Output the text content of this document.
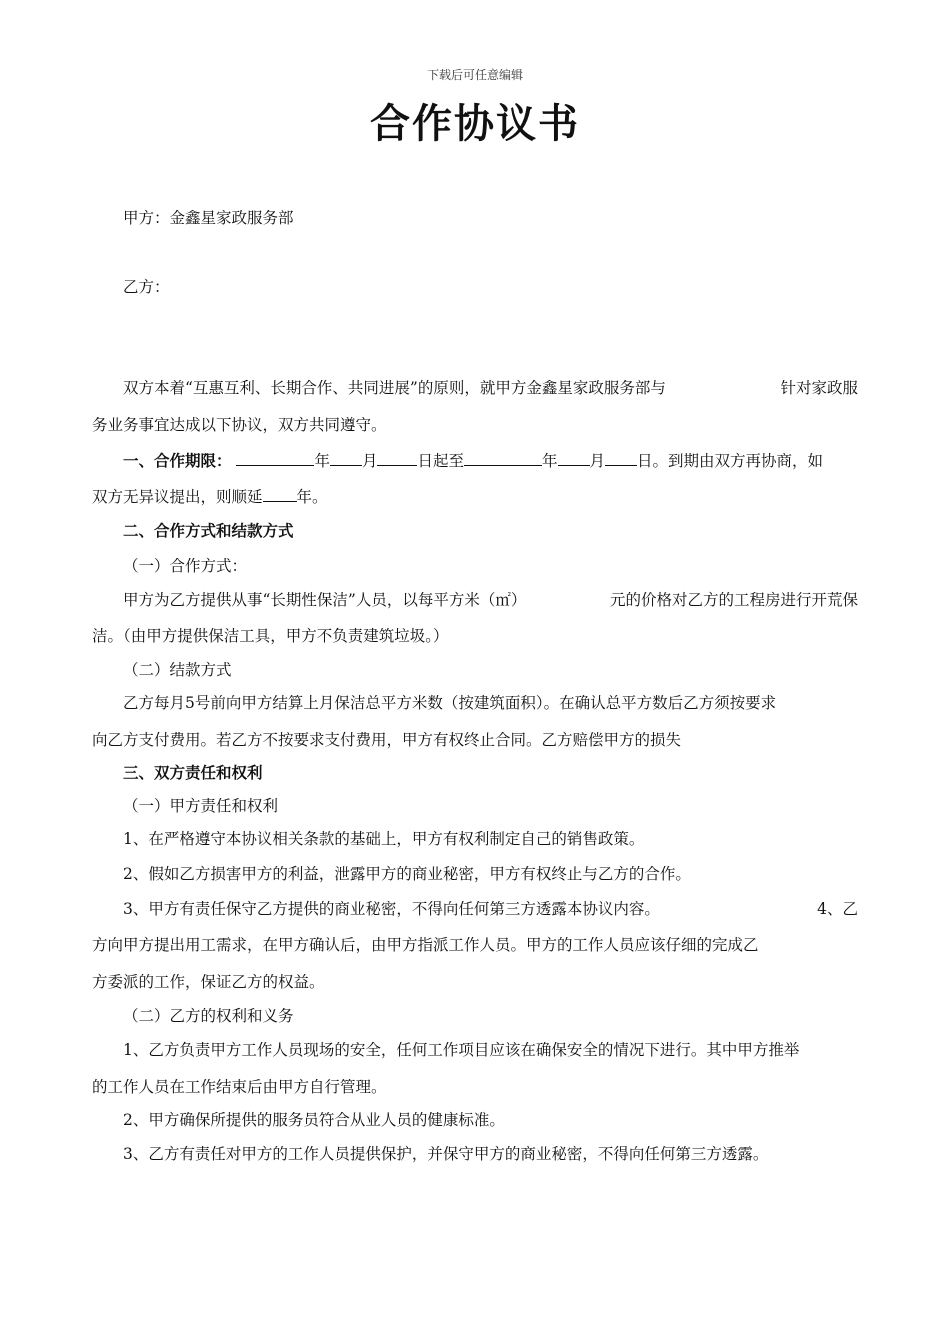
下载后可任意编辑
合作协议书
甲方：金鑫星家政服务部
乙方：
双方本着“互惠互利、长期合作、共同进展”的原则，就甲方金鑫星家政服务部与	针对家政服
务业务事宜达成以下协议，双方共同遵守。
一、合作期限：	年 月	日起至	年 月 日。到期由双方再协商，如
双方无异议提出，则顺延 年。
二、合作方式和结款方式
（一）合作方式：
甲方为乙方提供从事“长期性保洁”人员，以每平方米（㎡）	元的价格对乙方的工程房进行开荒保
洁。（由甲方提供保洁工具，甲方不负责建筑垃圾。）
（二）结款方式
乙方每月5号前向甲方结算上月保洁总平方米数（按建筑面积）。在确认总平方数后乙方须按要求
向乙方支付费用。若乙方不按要求支付费用，甲方有权终止合同。乙方赔偿甲方的损失
三、双方责任和权利
（一）甲方责任和权利
1、在严格遵守本协议相关条款的基础上，甲方有权利制定自己的销售政策。
2、假如乙方损害甲方的利益，泄露甲方的商业秘密，甲方有权终止与乙方的合作。
3、甲方有责任保守乙方提供的商业秘密，不得向任何第三方透露本协议内容。	4、乙
方向甲方提出用工需求，在甲方确认后，由甲方指派工作人员。甲方的工作人员应该仔细的完成乙
方委派的工作，保证乙方的权益。
（二）乙方的权利和义务
1、乙方负责甲方工作人员现场的安全，任何工作项目应该在确保安全的情况下进行。其中甲方推举
的工作人员在工作结束后由甲方自行管理。
2、甲方确保所提供的服务员符合从业人员的健康标准。
3、乙方有责任对甲方的工作人员提供保护，并保守甲方的商业秘密，不得向任何第三方透露。
